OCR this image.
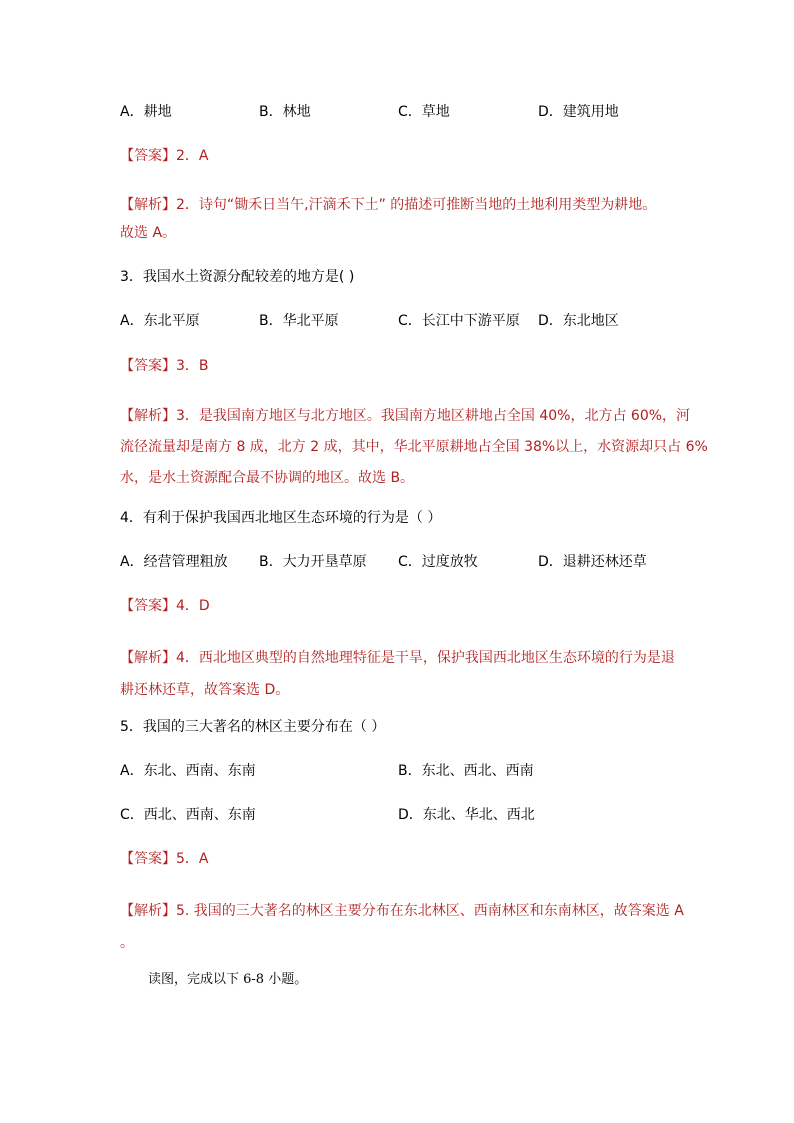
A．耕地	B．林地	C．草地	D．建筑用地
【答案】2．A
【解析】2．诗句“锄禾日当午,汗滴禾下土” 的描述可推断当地的土地利用类型为耕地。
故选 A。
3．我国水土资源分配较差的地方是( )
A．东北平原	B．华北平原	C．长江中下游平原 D．东北地区
【答案】3．B
【解析】3．是我国南方地区与北方地区。我国南方地区耕地占全国 40%，北方占 60%，河
流径流量却是南方 8 成，北方 2 成，其中，华北平原耕地占全国 38%以上，水资源却只占 6%
水，是水土资源配合最不协调的地区。故选 B。
4．有利于保护我国西北地区生态环境的行为是（ ）
A．经营管理粗放 B．大力开垦草原 C．过度放牧	D．退耕还林还草
【答案】4．D
【解析】4．西北地区典型的自然地理特征是干旱，保护我国西北地区生态环境的行为是退
耕还林还草，故答案选 D。
5．我国的三大著名的林区主要分布在（ ）
A．东北、西南、东南	B．东北、西北、西南
C．西北、西南、东南	D．东北、华北、西北
【答案】5．A
【解析】5. 我国的三大著名的林区主要分布在东北林区、西南林区和东南林区，故答案选 A
。
读图，完成以下 6-8 小题。
